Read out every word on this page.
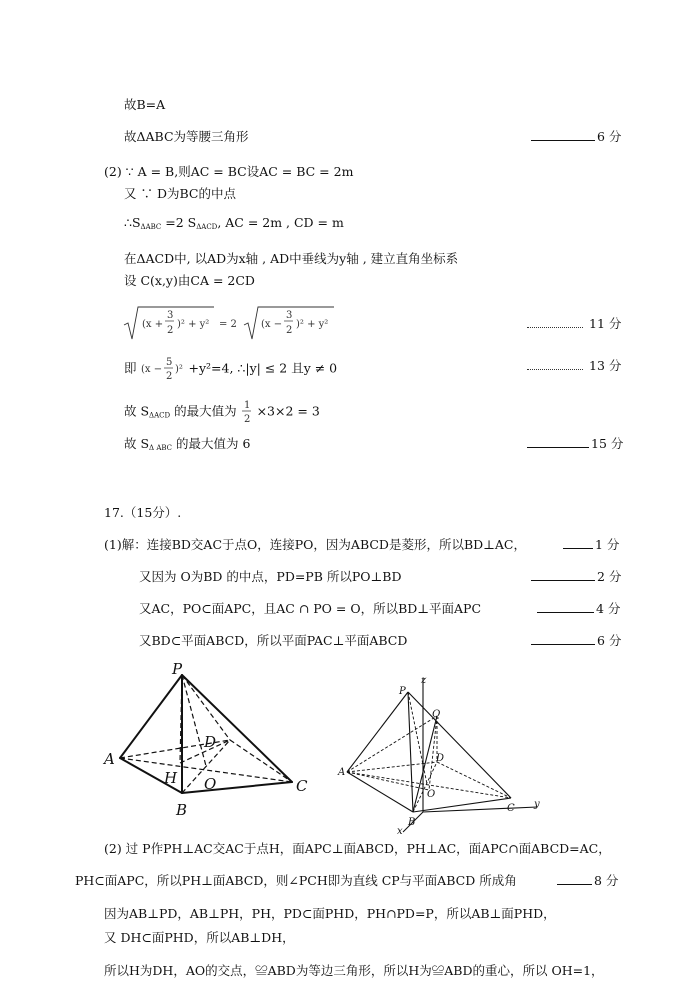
故B=A
故ΔABC为等腰三角形	6 分
(2) ∵ A = B,则AC = BC设AC = BC = 2m
又 ∵ D为BC的中点
$\therefore S_{\Delta ABC} =2$ $S_{\Delta ACD}$, AC = 2m , CD = m
在ΔACD中, 以AD为x轴 , AD中垂线为y轴 , 建立直角坐标系
设 C(x,y)由CA = 2CD
(x +
3
2
)² + y² = 2 (x −
3
2
)² + y²	11 分
即 (x −
5
2
)² +y²=4, ∴|y| ≤ 2 且y ≠ 0	13 分
故 $S_{\Delta ACD}$ 的最大值为 1
2
×3×2 = 3
故 $S_{\Delta ABC}$ 的最大值为 6	15 分
17.（15分）.
(1)解：连接BD交AC于点O，连接PO，因为ABCD是菱形，所以BD⊥AC，	1 分
又因为 O为BD 的中点，PD=PB 所以PO⊥BD	2 分
又AC，PO⊂面APC，且AC ∩ PO = O，所以BD⊥平面APC	4 分
又BD⊂平面ABCD，所以平面PAC⊥平面ABCD	6 分
P
A
B
C
D
H O
P
A
B
C
D
O
Q
z
y
x
(2) 过 P作PH⊥AC交AC于点H，面APC⊥面ABCD，PH⊥AC，面APC∩面ABCD=AC，
PH⊂面APC，所以PH⊥面ABCD，则∠PCH即为直线 CP与平面ABCD 所成角	8 分
因为AB⊥PD，AB⊥PH，PH，PD⊂面PHD，PH∩PD=P，所以AB⊥面PHD，
又 DH⊂面PHD，所以AB⊥DH，
所以H为DH，AO的交点，≌ABD为等边三角形，所以H为≌ABD的重心，所以 OH=1，
